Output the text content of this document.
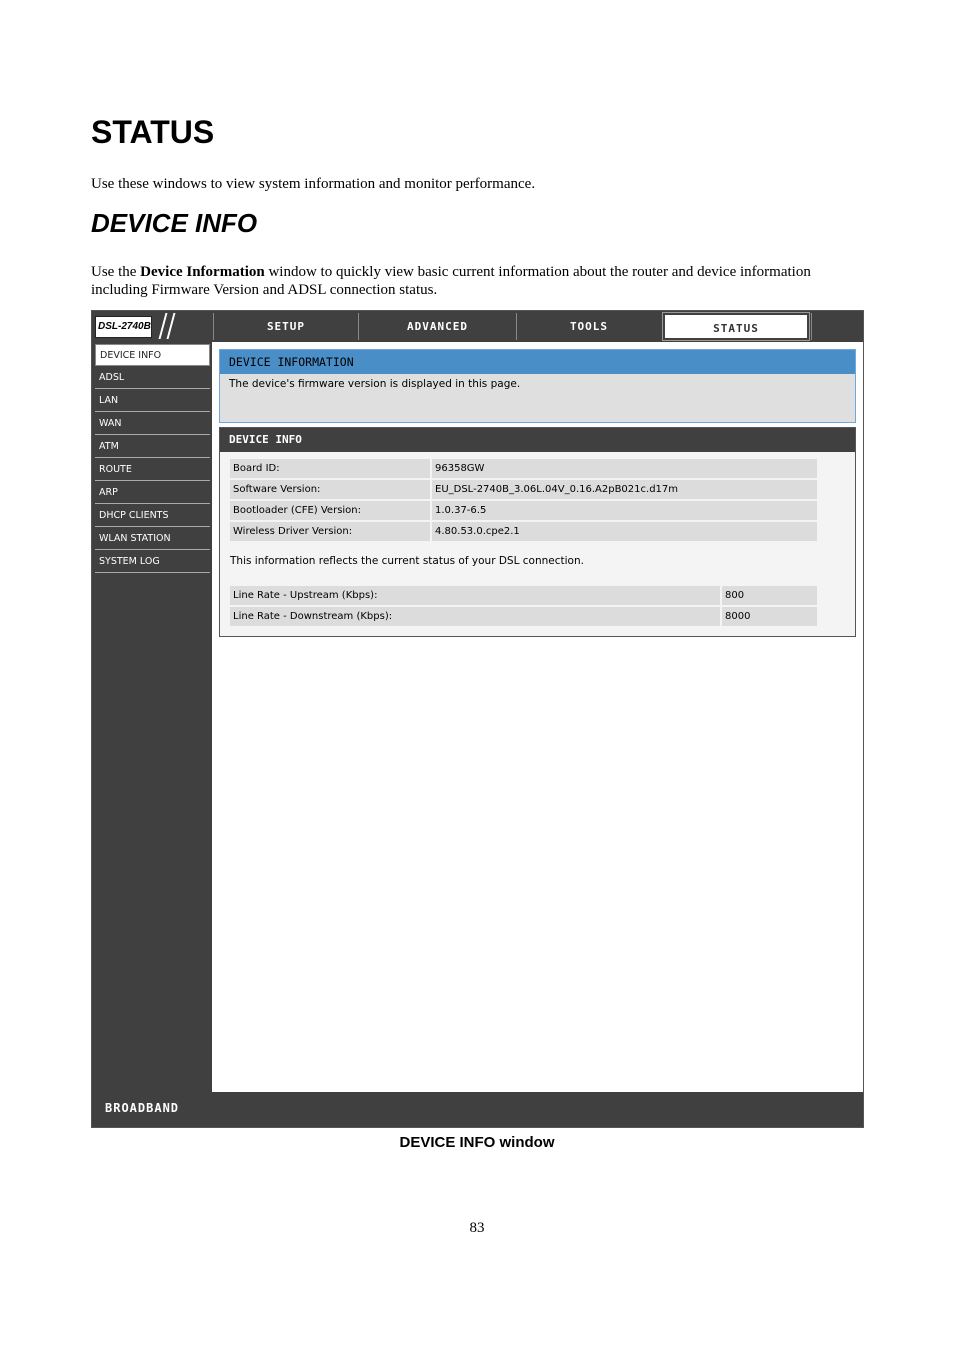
STATUS

Use these windows to view system information and monitor performance.

DEVICE INFO

Use the Device Information window to quickly view basic current information about the router and device information including Firmware Version and ADSL connection status.

DSL-2740B	SETUP	ADVANCED	TOOLS	STATUS
DEVICE INFO
ADSL
LAN
WAN
ATM
ROUTE
ARP
DHCP CLIENTS
WLAN STATION
SYSTEM LOG
DEVICE INFORMATION
The device's firmware version is displayed in this page.
DEVICE INFO
Board ID:	96358GW
Software Version:	EU_DSL-2740B_3.06L.04V_0.16.A2pB021c.d17m
Bootloader (CFE) Version:	1.0.37-6.5
Wireless Driver Version:	4.80.53.0.cpe2.1
This information reflects the current status of your DSL connection.
Line Rate - Upstream (Kbps):	800
Line Rate - Downstream (Kbps):	8000
BROADBAND
DEVICE INFO window
83
